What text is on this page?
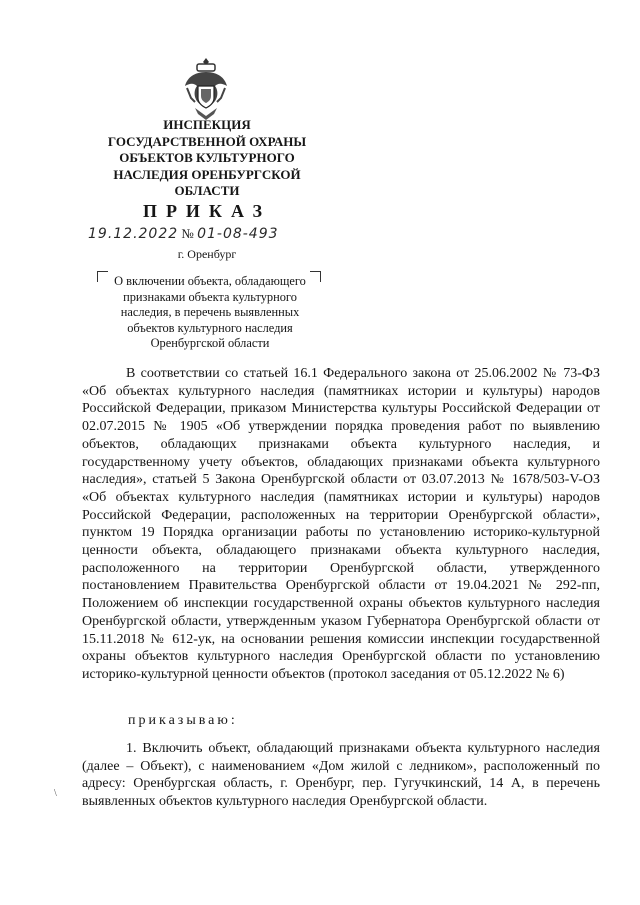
ИНСПЕКЦИЯ
ГОСУДАРСТВЕННОЙ ОХРАНЫ
ОБЪЕКТОВ КУЛЬТУРНОГО
НАСЛЕДИЯ ОРЕНБУРГСКОЙ
ОБЛАСТИ
ПРИКАЗ
19.12.2022 № 01-08-493
г. Оренбург
О включении объекта, обладающего
признаками объекта культурного
наследия, в перечень выявленных
объектов культурного наследия
Оренбургской области
В соответствии со статьей 16.1 Федерального закона от 25.06.2002 № 73-ФЗ «Об объектах культурного наследия (памятниках истории и культуры) народов Российской Федерации, приказом Министерства культуры Российской Федерации от 02.07.2015 № 1905 «Об утверждении порядка проведения работ по выявлению объектов, обладающих признаками объекта культурного наследия, и государственному учету объектов, обладающих признаками объекта культурного наследия», статьей 5 Закона Оренбургской области от 03.07.2013 № 1678/503-V-ОЗ «Об объектах культурного наследия (памятниках истории и культуры) народов Российской Федерации, расположенных на территории Оренбургской области», пунктом 19 Порядка организации работы по установлению историко-культурной ценности объекта, обладающего признаками объекта культурного наследия, расположенного на территории Оренбургской области, утвержденного постановлением Правительства Оренбургской области от 19.04.2021 № 292-пп, Положением об инспекции государственной охраны объектов культурного наследия Оренбургской области, утвержденным указом Губернатора Оренбургской области от 15.11.2018 № 612-ук, на основании решения комиссии инспекции государственной охраны объектов культурного наследия Оренбургской области по установлению историко-культурной ценности объектов (протокол заседания от 05.12.2022 № 6)
приказываю:
1. Включить объект, обладающий признаками объекта культурного наследия (далее – Объект), с наименованием «Дом жилой с ледником», расположенный по адресу: Оренбургская область, г. Оренбург, пер. Гугучкинский, 14 А, в перечень выявленных объектов культурного наследия Оренбургской области.
\
